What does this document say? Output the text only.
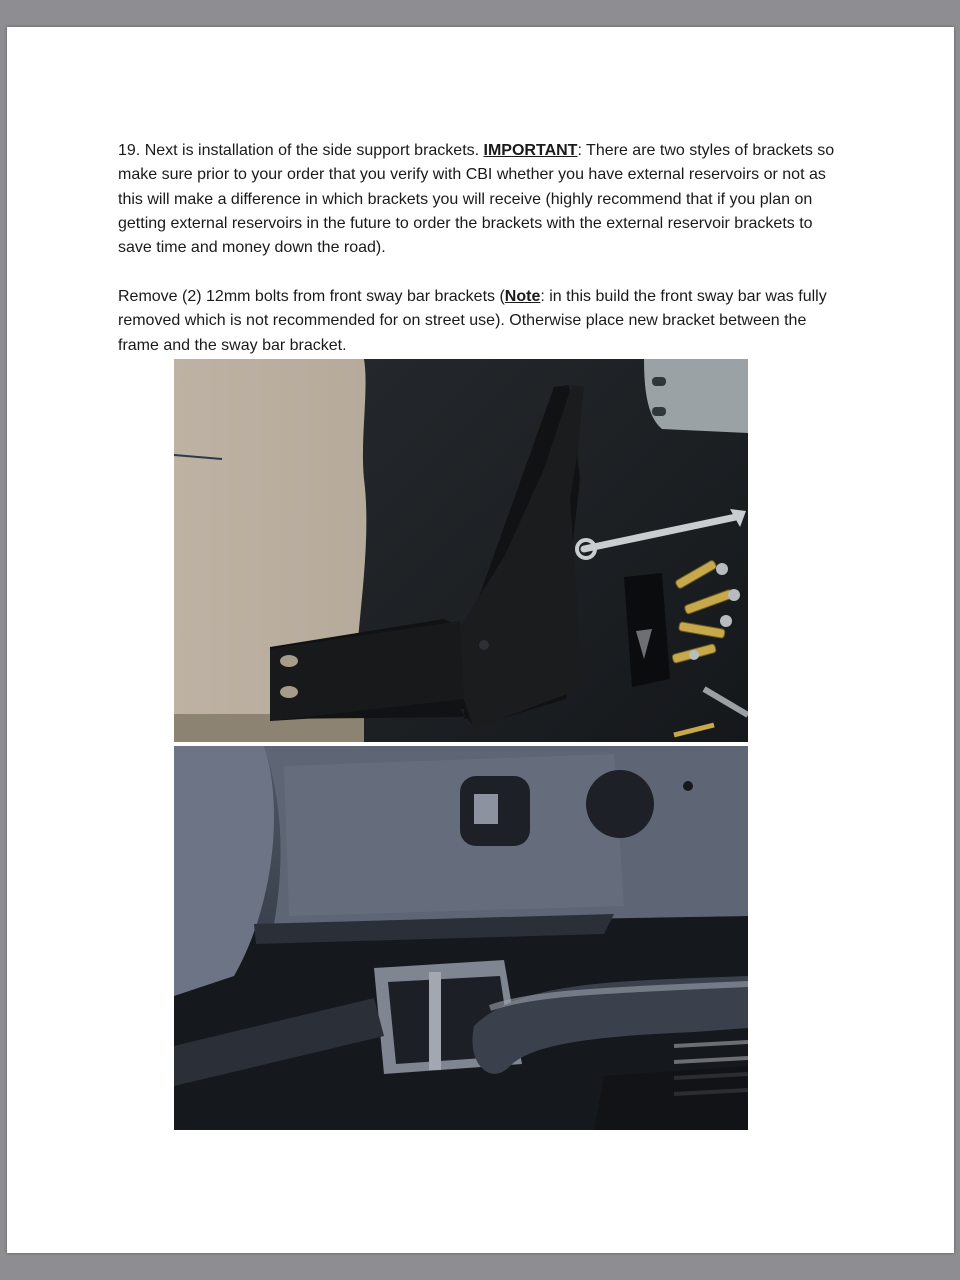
19. Next is installation of the side support brackets. IMPORTANT: There are two styles of brackets so make sure prior to your order that you verify with CBI whether you have external reservoirs or not as this will make a difference in which brackets you will receive (highly recommend that if you plan on getting external reservoirs in the future to order the brackets with the external reservoir brackets to save time and money down the road).

Remove (2) 12mm bolts from front sway bar brackets (Note: in this build the front sway bar was fully removed which is not recommended for on street use). Otherwise place new bracket between the frame and the sway bar bracket.
